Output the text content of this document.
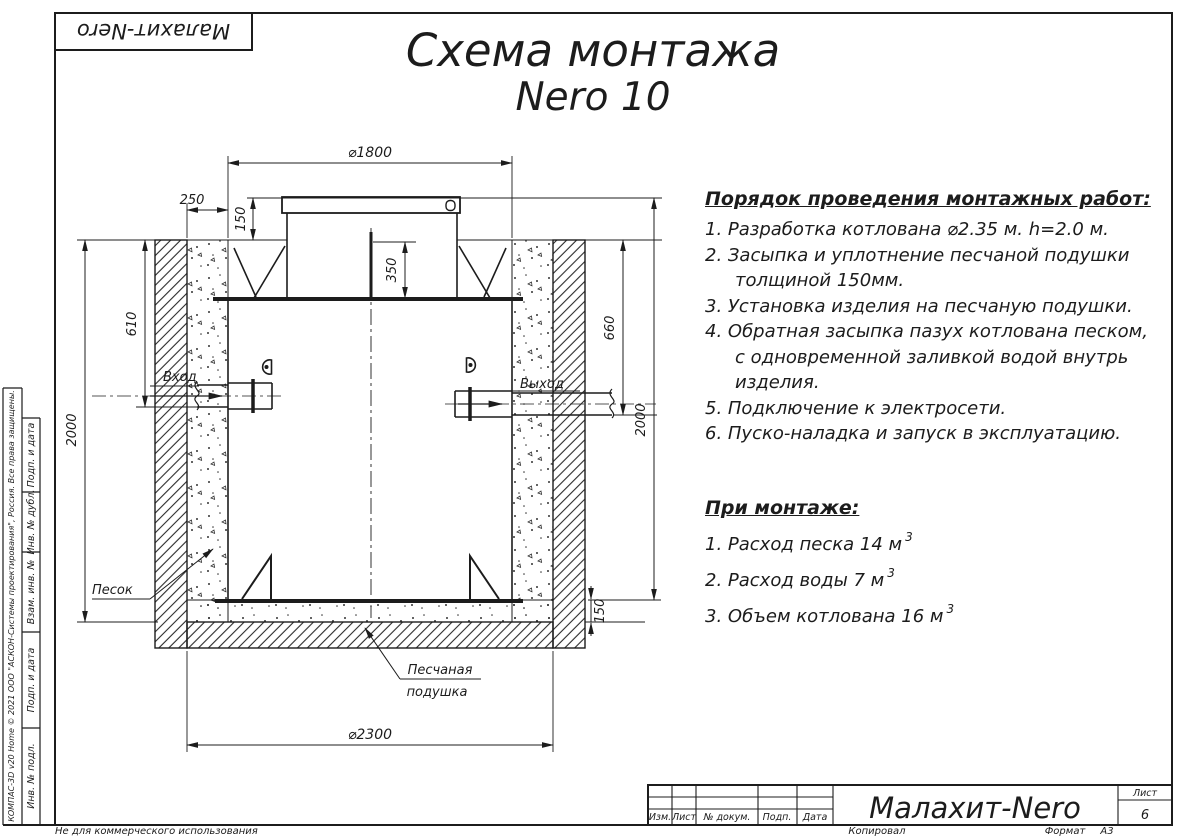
Малахит-Nero
Подп. и дата
Инв. № дубл.
Взам. инв. №
Подп. и дата
Инв. № подл.
КОМПАС-3D v20 Home © 2021 ООО "АСКОН-Системы проектирования", Россия. Все права защищены.
Не для коммерческого использования
Изм. Лист № докум. Подп. Дата Малахит-Nero	Лист
6
Копировал	Формат А3
Вход	Выход
⌀1800
250
150
350
610
2000
660
2000
150
⌀2300
Песок
Песчаная
подушка
Схема монтажа
Nero 10
Порядок проведения монтажных работ:
1. Разработка котлована ⌀2.35 м. h=2.0 м.
2. Засыпка и уплотнение песчаной подушки
толщиной 150мм.
3. Установка изделия на песчаную подушки.
4. Обратная засыпка пазух котлована песком,
с одновременной заливкой водой внутрь
изделия.
5. Подключение к электросети.
6. Пуско-наладка и запуск в эксплуатацию.
При монтаже:
1. Расход песка 14 м $^3$
2. Расход воды 7 м $^3$
3. Объем котлована 16 м $^3$
